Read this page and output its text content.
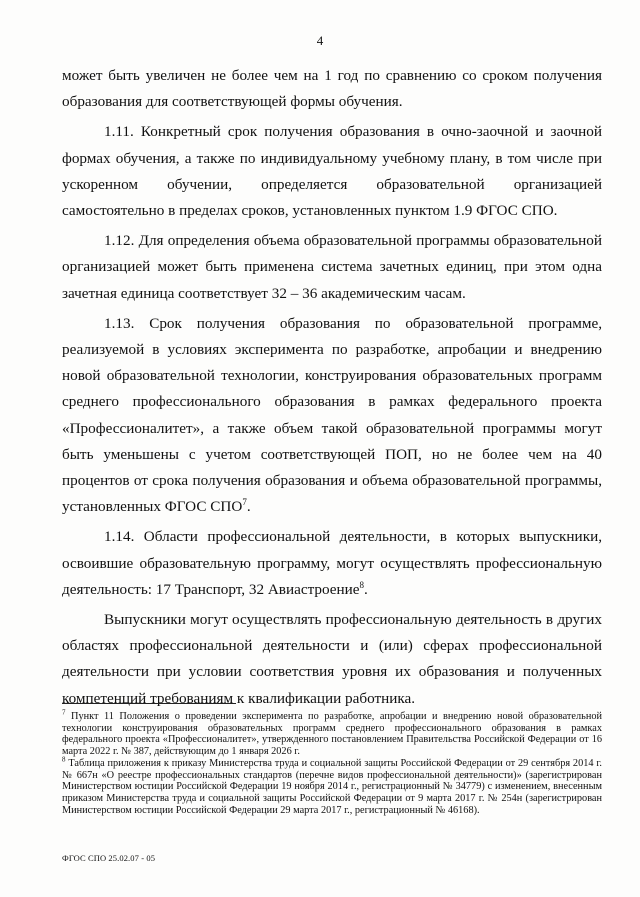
4

может быть увеличен не более чем на 1 год по сравнению со сроком получения образования для соответствующей формы обучения.

1.11. Конкретный срок получения образования в очно-заочной и заочной формах обучения, а также по индивидуальному учебному плану, в том числе при ускоренном обучении, определяется образовательной организацией самостоятельно в пределах сроков, установленных пунктом 1.9 ФГОС СПО.

1.12. Для определения объема образовательной программы образовательной организацией может быть применена система зачетных единиц, при этом одна зачетная единица соответствует 32 – 36 академическим часам.

1.13. Срок получения образования по образовательной программе, реализуемой в условиях эксперимента по разработке, апробации и внедрению новой образовательной технологии, конструирования образовательных программ среднего профессионального образования в рамках федерального проекта «Профессионалитет», а также объем такой образовательной программы могут быть уменьшены с учетом соответствующей ПОП, но не более чем на 40 процентов от срока получения образования и объема образовательной программы, установленных ФГОС СПО$^7$.

1.14. Области профессиональной деятельности, в которых выпускники, освоившие образовательную программу, могут осуществлять профессиональную деятельность: 17 Транспорт, 32 Авиастроение$^8$.

Выпускники могут осуществлять профессиональную деятельность в других областях профессиональной деятельности и (или) сферах профессиональной деятельности при условии соответствия уровня их образования и полученных компетенций требованиям к квалификации работника.

$^7$ Пункт 11 Положения о проведении эксперимента по разработке, апробации и внедрению новой образовательной технологии конструирования образовательных программ среднего профессионального образования в рамках федерального проекта «Профессионалитет», утвержденного постановлением Правительства Российской Федерации от 16 марта 2022 г. № 387, действующим до 1 января 2026 г.

$^8$ Таблица приложения к приказу Министерства труда и социальной защиты Российской Федерации от 29 сентября 2014 г. № 667н «О реестре профессиональных стандартов (перечне видов профессиональной деятельности)» (зарегистрирован Министерством юстиции Российской Федерации 19 ноября 2014 г., регистрационный № 34779) с изменением, внесенным приказом Министерства труда и социальной защиты Российской Федерации от 9 марта 2017 г. № 254н (зарегистрирован Министерством юстиции Российской Федерации 29 марта 2017 г., регистрационный № 46168).

ФГОС СПО 25.02.07 - 05
